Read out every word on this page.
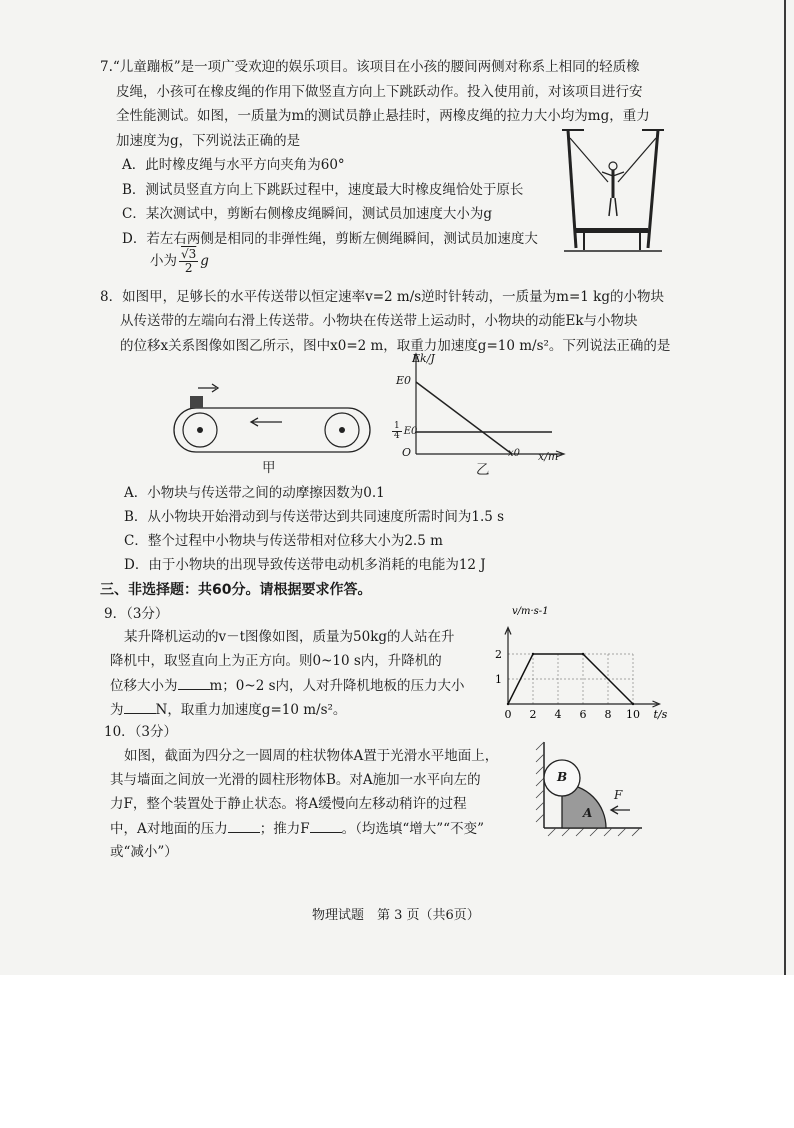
7.“儿童蹦板”是一项广受欢迎的娱乐项目。该项目在小孩的腰间两侧对称系上相同的轻质橡
皮绳，小孩可在橡皮绳的作用下做竖直方向上下跳跃动作。投入使用前，对该项目进行安
全性能测试。如图，一质量为m的测试员静止悬挂时，两橡皮绳的拉力大小均为mg，重力
加速度为g，下列说法正确的是
A．此时橡皮绳与水平方向夹角为60°
B．测试员竖直方向上下跳跃过程中，速度最大时橡皮绳恰处于原长
C．某次测试中，剪断右侧橡皮绳瞬间，测试员加速度大小为g
D．若左右两侧是相同的非弹性绳，剪断左侧绳瞬间，测试员加速度大
小为 $\frac{√3}{2}$ g
8．如图甲，足够长的水平传送带以恒定速率v=2 m/s逆时针转动，一质量为m=1 kg的小物块
从传送带的左端向右滑上传送带。小物块在传送带上运动时，小物块的动能Ek与小物块
的位移x关系图像如图乙所示，图中x0=2 m，取重力加速度g=10 m/s²。下列说法正确的是
甲
Ek/J
E0
$\frac{1}{4} E0$
O	x0 x/m
乙
A．小物块与传送带之间的动摩擦因数为0.1
B．从小物块开始滑动到与传送带达到共同速度所需时间为1.5 s
C．整个过程中小物块与传送带相对位移大小为2.5 m
D．由于小物块的出现导致传送带电动机多消耗的电能为12 J
三、非选择题：共60分。请根据要求作答。
9．（3分）
某升降机运动的v－t图像如图，质量为50kg的人站在升
降机中，取竖直向上为正方向。则0~10 s内，升降机的
位移大小为 m；0~2 s内，人对升降机地板的压力大小
为 N，取重力加速度g=10 m/s²。	0 2 4 6 8 10
1
2
t/s
v/m·s-1
10．（3分）
如图，截面为四分之一圆周的柱状物体A置于光滑水平地面上，
其与墙面之间放一光滑的圆柱形物体B。对A施加一水平向左的
力F，整个装置处于静止状态。将A缓慢向左移动稍许的过程
中，A对地面的压力 ；推力F 。（均选填“增大”“不变”
或“减小”）
B
A
F
物理试题　第 3 页（共6页）
